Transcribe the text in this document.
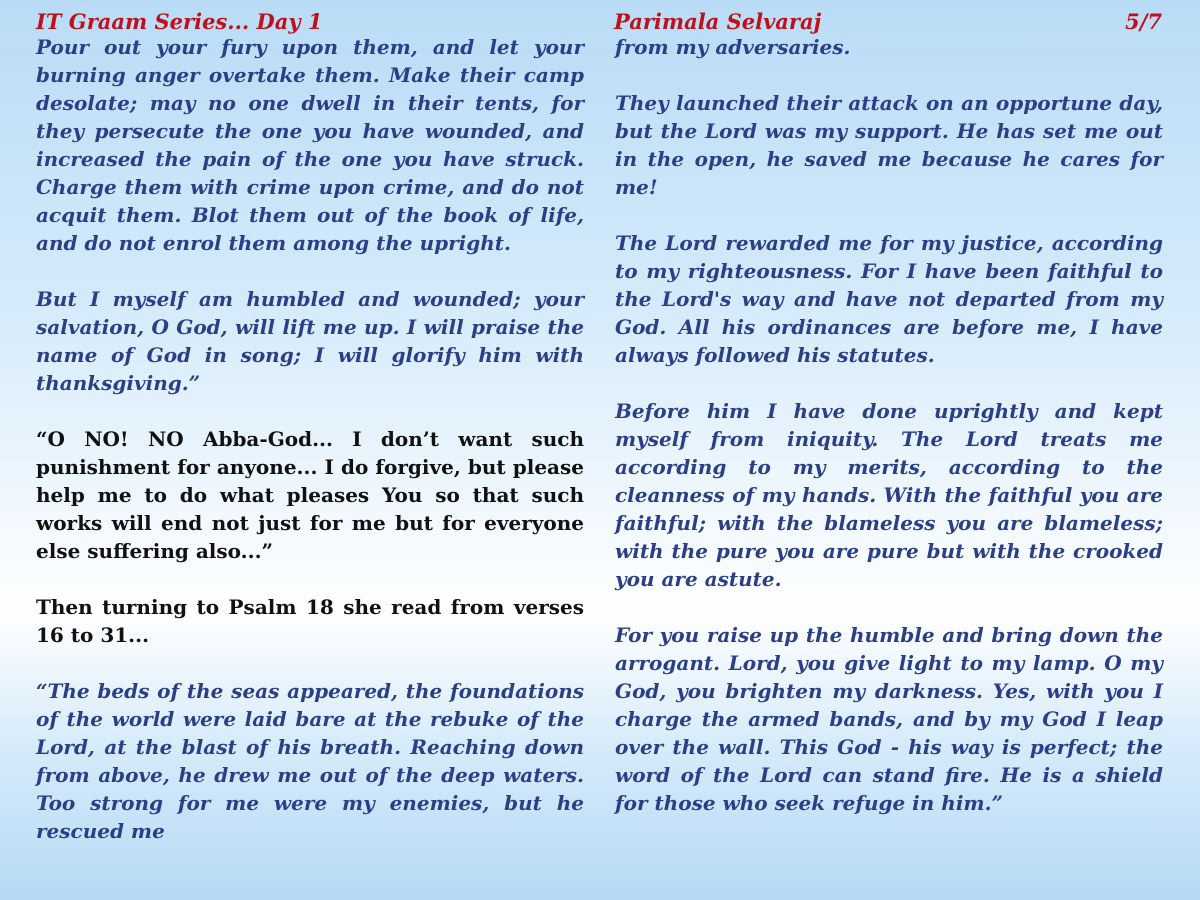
IT Graam Series... Day 1	Parimala Selvaraj	5/7

Pour out your fury upon them, and let your burning anger overtake them. Make their camp desolate; may no one dwell in their tents, for they persecute the one you have wounded, and increased the pain of the one you have struck. Charge them with crime upon crime, and do not acquit them. Blot them out of the book of life, and do not enrol them among the upright.

But I myself am humbled and wounded; your salvation, O God, will lift me up. I will praise the name of God in song; I will glorify him with thanksgiving.”

“O NO! NO Abba-God... I don’t want such punishment for anyone... I do forgive, but please help me to do what pleases You so that such works will end not just for me but for everyone else suffering also...”

Then turning to Psalm 18 she read from verses 16 to 31...

“The beds of the seas appeared, the foundations of the world were laid bare at the rebuke of the Lord, at the blast of his breath. Reaching down from above, he drew me out of the deep waters. Too strong for me were my enemies, but he rescued me

from my adversaries.

They launched their attack on an opportune day, but the Lord was my support. He has set me out in the open, he saved me because he cares for me!

The Lord rewarded me for my justice, according to my righteousness. For I have been faithful to the Lord's way and have not departed from my God. All his ordinances are before me, I have always followed his statutes.

Before him I have done uprightly and kept myself from iniquity. The Lord treats me according to my merits, according to the cleanness of my hands. With the faithful you are faithful; with the blameless you are blameless; with the pure you are pure but with the crooked you are astute.

For you raise up the humble and bring down the arrogant. Lord, you give light to my lamp. O my God, you brighten my darkness. Yes, with you I charge the armed bands, and by my God I leap over the wall. This God - his way is perfect; the word of the Lord can stand fire. He is a shield for those who seek refuge in him.”
